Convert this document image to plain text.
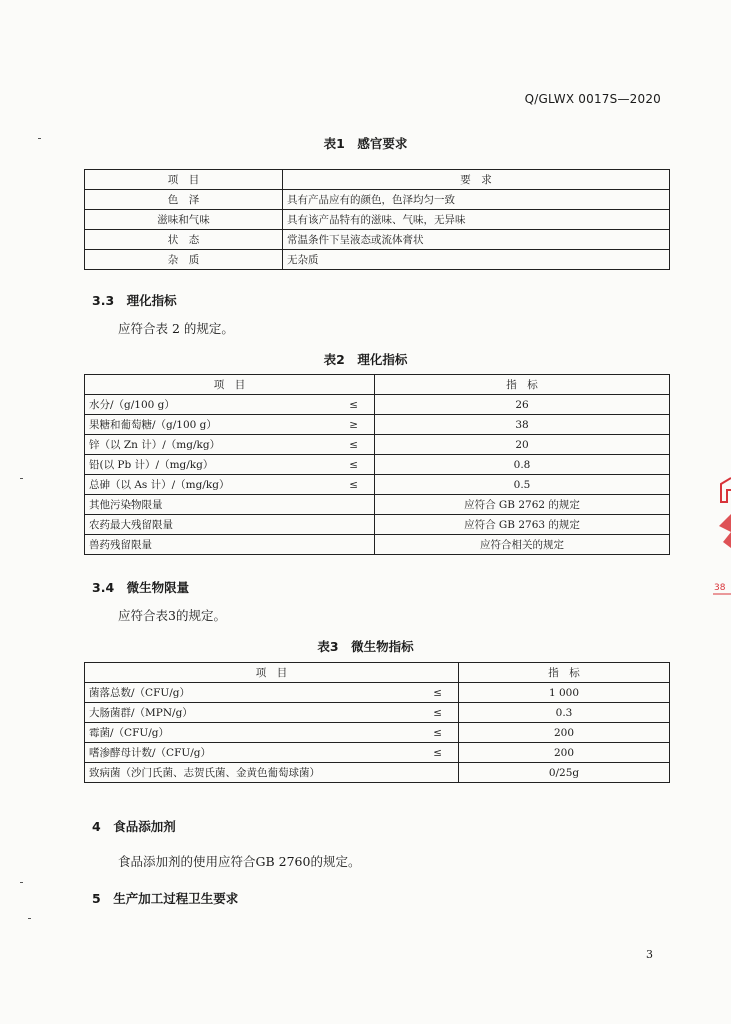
Q/GLWX 0017S—2020
表1　感官要求
项　目	要　求
色　泽	具有产品应有的颜色，色泽均匀一致
滋味和气味	具有该产品特有的滋味、气味，无异味
状　态	常温条件下呈液态或流体膏状
杂　质	无杂质
3.3　理化指标
应符合表 2 的规定。
表2　理化指标
项　目		指　标
水分/（g/100 g）	≤	26
果糖和葡萄糖/（g/100 g）	≥	38
锌（以 Zn 计）/（mg/kg）	≤	20
铅(以 Pb 计）/（mg/kg）	≤	0.8
总砷（以 As 计）/（mg/kg）	≤	0.5
其他污染物限量		应符合 GB 2762 的规定
农药最大残留限量		应符合 GB 2763 的规定
兽药残留限量		应符合相关的规定
3.4　微生物限量
应符合表3的规定。
表3　微生物指标
项　目		指　标
菌落总数/（CFU/g）	≤	1 000
大肠菌群/（MPN/g）	≤	0.3
霉菌/（CFU/g）	≤	200
嗜渗酵母计数/（CFU/g）	≤	200
致病菌（沙门氏菌、志贺氏菌、金黄色葡萄球菌）		0/25g
4　食品添加剂
食品添加剂的使用应符合GB 2760的规定。
5　生产加工过程卫生要求
3
38
